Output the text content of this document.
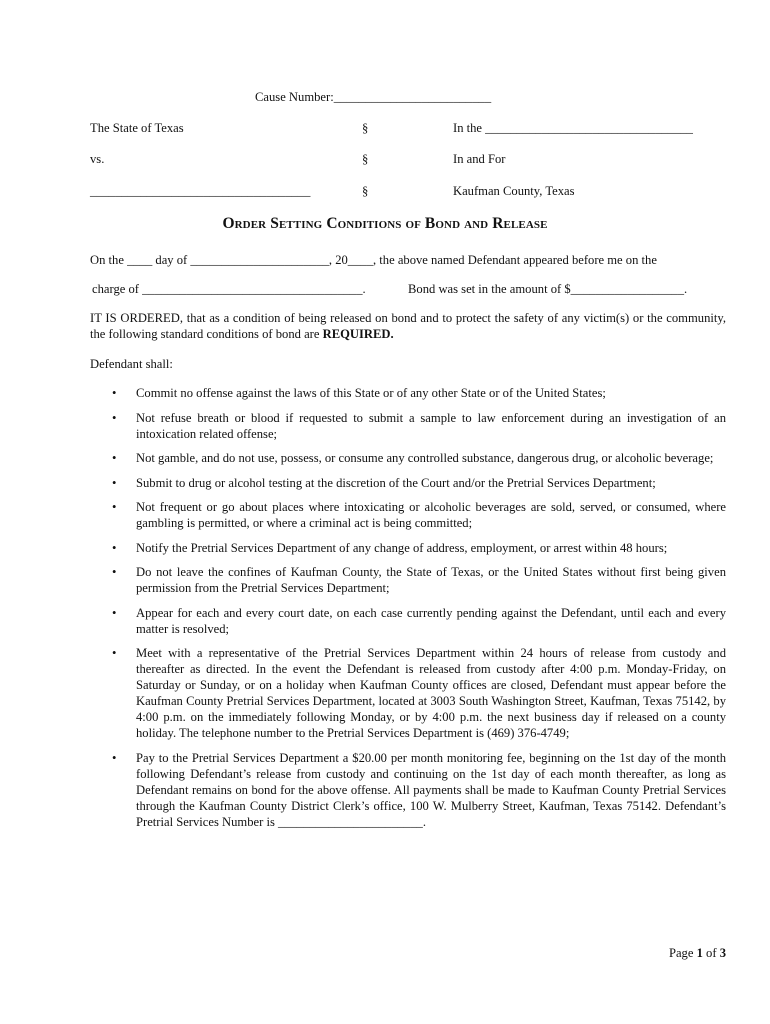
Cause Number:_________________________
The State of Texas	§	In the _________________________________
vs.	§	In and For
___________________________________	§	Kaufman County, Texas
Order Setting Conditions of Bond and Release
On the ____ day of ______________________, 20____, the above named Defendant appeared before me on the
charge of ___________________________________.	Bond was set in the amount of $__________________.
IT IS ORDERED, that as a condition of being released on bond and to protect the safety of any victim(s) or the community, the following standard conditions of bond are REQUIRED.
Defendant shall:
• Commit no offense against the laws of this State or of any other State or of the United States;
• Not refuse breath or blood if requested to submit a sample to law enforcement during an investigation of an intoxication related offense;
• Not gamble, and do not use, possess, or consume any controlled substance, dangerous drug, or alcoholic beverage;
• Submit to drug or alcohol testing at the discretion of the Court and/or the Pretrial Services Department;
• Not frequent or go about places where intoxicating or alcoholic beverages are sold, served, or consumed, where gambling is permitted, or where a criminal act is being committed;
• Notify the Pretrial Services Department of any change of address, employment, or arrest within 48 hours;
• Do not leave the confines of Kaufman County, the State of Texas, or the United States without first being given permission from the Pretrial Services Department;
• Appear for each and every court date, on each case currently pending against the Defendant, until each and every matter is resolved;
• Meet with a representative of the Pretrial Services Department within 24 hours of release from custody and thereafter as directed. In the event the Defendant is released from custody after 4:00 p.m. Monday-Friday, on Saturday or Sunday, or on a holiday when Kaufman County offices are closed, Defendant must appear before the Kaufman County Pretrial Services Department, located at 3003 South Washington Street, Kaufman, Texas 75142, by 4:00 p.m. on the immediately following Monday, or by 4:00 p.m. the next business day if released on a county holiday. The telephone number to the Pretrial Services Department is (469) 376-4749;
• Pay to the Pretrial Services Department a $20.00 per month monitoring fee, beginning on the 1st day of the month following Defendant’s release from custody and continuing on the 1st day of each month thereafter, as long as Defendant remains on bond for the above offense. All payments shall be made to Kaufman County Pretrial Services through the Kaufman County District Clerk’s office, 100 W. Mulberry Street, Kaufman, Texas 75142. Defendant’s Pretrial Services Number is _______________________.
Page 1 of 3
